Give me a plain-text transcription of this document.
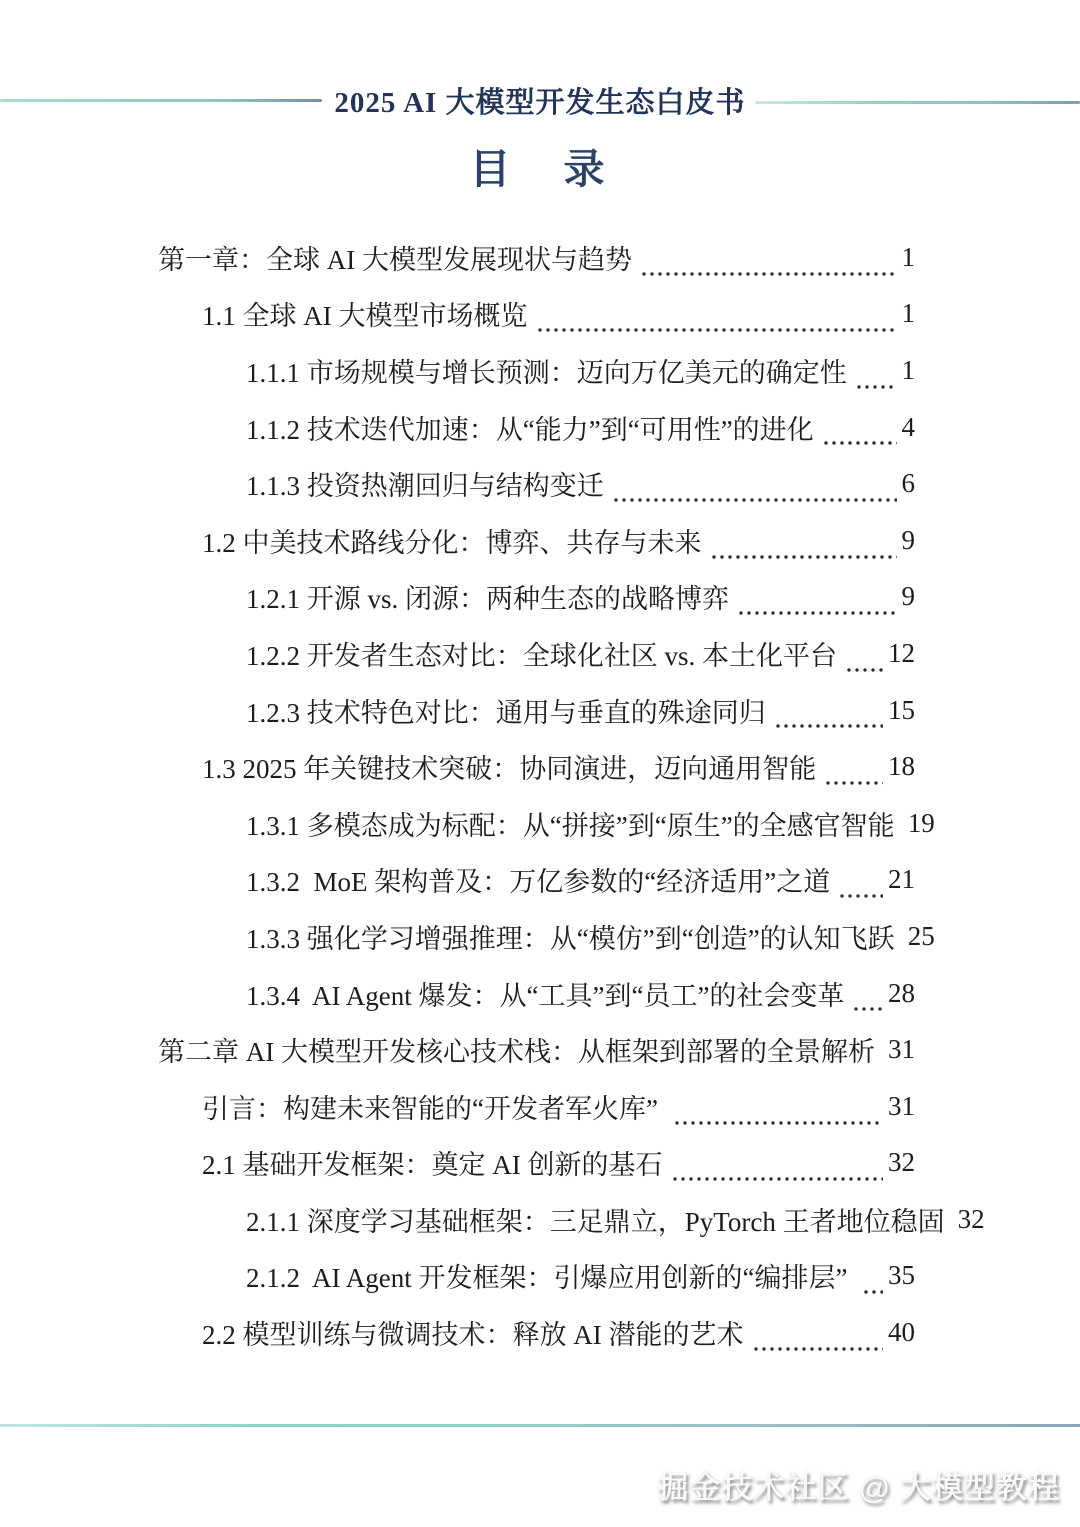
2025 AI 大模型开发生态白皮书
目　录
第一章：全球 AI 大模型发展现状与趋势	1
1.1 全球 AI 大模型市场概览	1
1.1.1 市场规模与增长预测：迈向万亿美元的确定性 1
1.1.2 技术迭代加速：从“能力”到“可用性”的进化	4
1.1.3 投资热潮回归与结构变迁	6
1.2 中美技术路线分化：博弈、共存与未来	9
1.2.1 开源 vs. 闭源：两种生态的战略博弈	9
1.2.2 开发者生态对比：全球化社区 vs. 本土化平台 12
1.2.3 技术特色对比：通用与垂直的殊途同归	15
1.3 2025 年关键技术突破：协同演进，迈向通用智能	18
1.3.1 多模态成为标配：从“拼接”到“原生”的全感官智能 19
1.3.2  MoE 架构普及：万亿参数的“经济适用”之道 21
1.3.3 强化学习增强推理：从“模仿”到“创造”的认知飞跃 25
1.3.4  AI Agent 爆发：从“工具”到“员工”的社会变革 28
第二章 AI 大模型开发核心技术栈：从框架到部署的全景解析 31
引言：构建未来智能的“开发者军火库”	31
2.1 基础开发框架：奠定 AI 创新的基石	32
2.1.1 深度学习基础框架：三足鼎立，PyTorch 王者地位稳固 32
2.1.2  AI Agent 开发框架：引爆应用创新的“编排层” 35
2.2 模型训练与微调技术：释放 AI 潜能的艺术	40
掘金技术社区 @ 大模型教程
